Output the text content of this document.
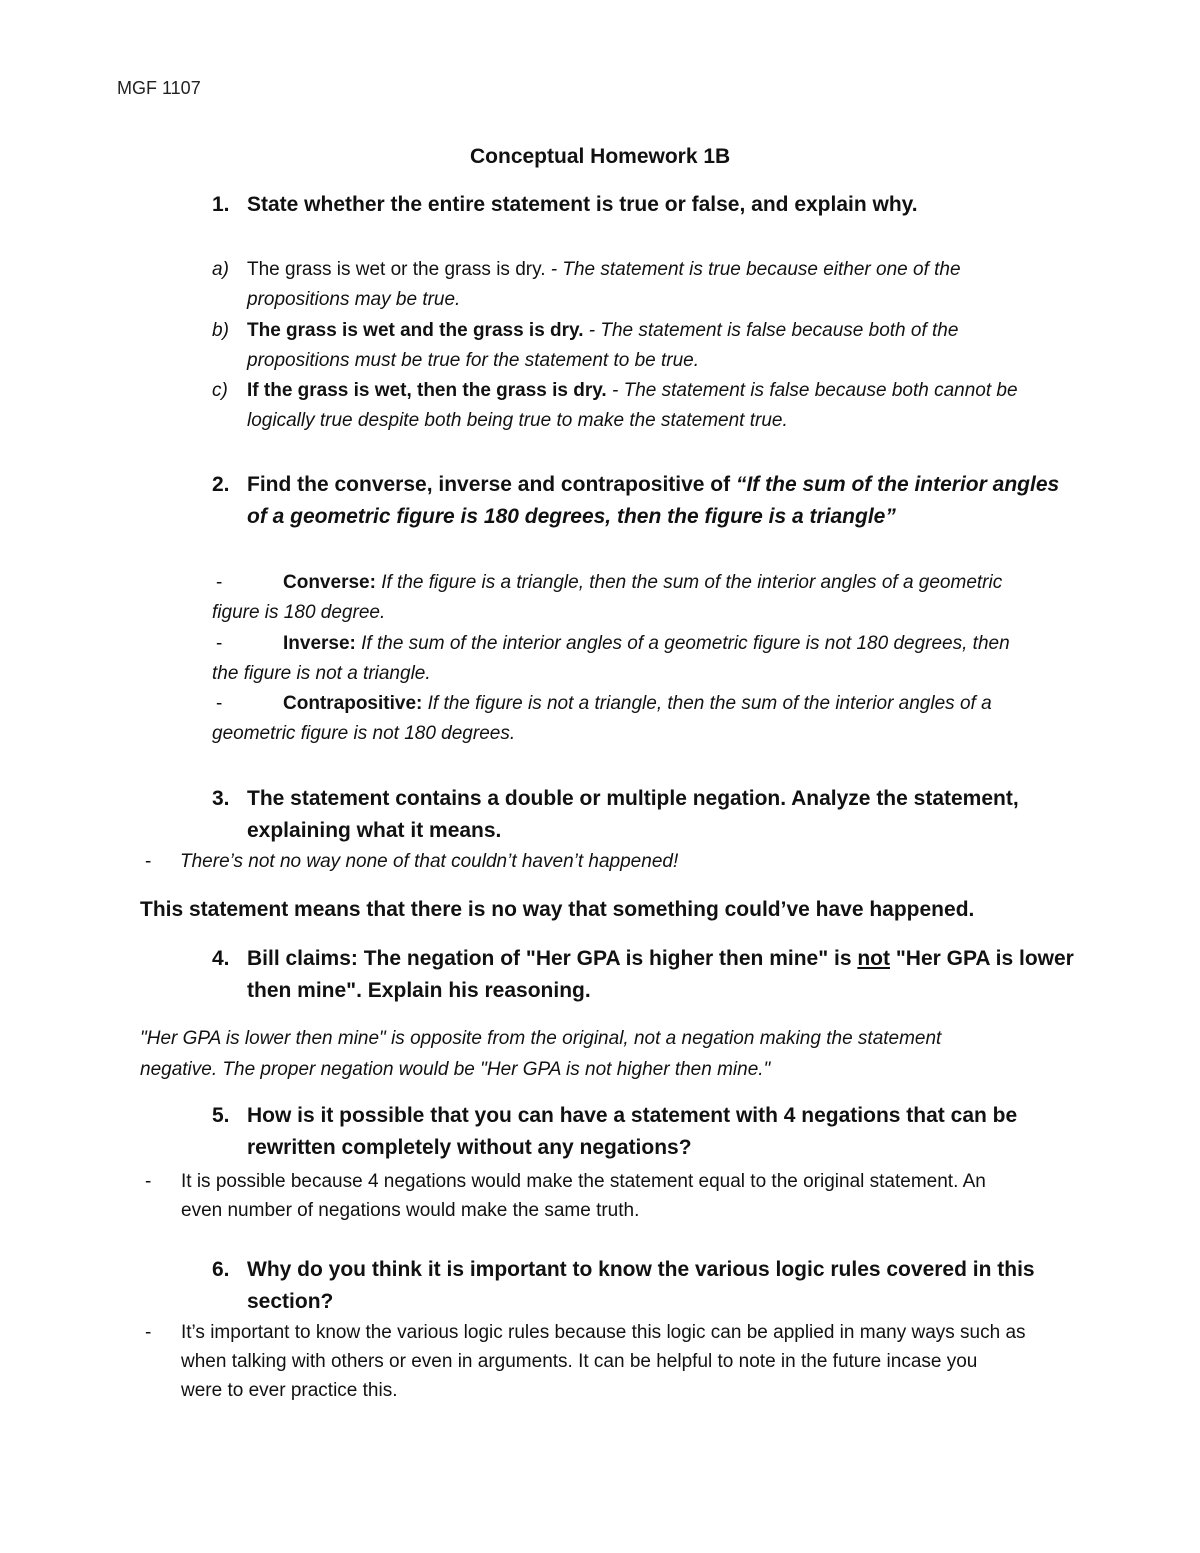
MGF 1107
Conceptual Homework 1B
1. State whether the entire statement is true or false, and explain why.
a) The grass is wet or the grass is dry. - The statement is true because either one of the
propositions may be true.
b) The grass is wet and the grass is dry. - The statement is false because both of the
propositions must be true for the statement to be true.
c) If the grass is wet, then the grass is dry. - The statement is false because both cannot be
logically true despite both being true to make the statement true.
2. Find the converse, inverse and contrapositive of “If the sum of the interior angles
of a geometric figure is 180 degrees, then the figure is a triangle”
-	Converse: If the figure is a triangle, then the sum of the interior angles of a geometric
figure is 180 degree.
-	Inverse: If the sum of the interior angles of a geometric figure is not 180 degrees, then
the figure is not a triangle.
-	Contrapositive: If the figure is not a triangle, then the sum of the interior angles of a
geometric figure is not 180 degrees.
3. The statement contains a double or multiple negation. Analyze the statement,
explaining what it means.
- There’s not no way none of that couldn’t haven’t happened!
This statement means that there is no way that something could’ve have happened.
4. Bill claims: The negation of "Her GPA is higher then mine" is not "Her GPA is lower
then mine". Explain his reasoning.
"Her GPA is lower then mine" is opposite from the original, not a negation making the statement
negative. The proper negation would be "Her GPA is not higher then mine."
5. How is it possible that you can have a statement with 4 negations that can be
rewritten completely without any negations?
- It is possible because 4 negations would make the statement equal to the original statement. An
even number of negations would make the same truth.
6. Why do you think it is important to know the various logic rules covered in this
section?
- It’s important to know the various logic rules because this logic can be applied in many ways such as
when talking with others or even in arguments. It can be helpful to note in the future incase you
were to ever practice this.
